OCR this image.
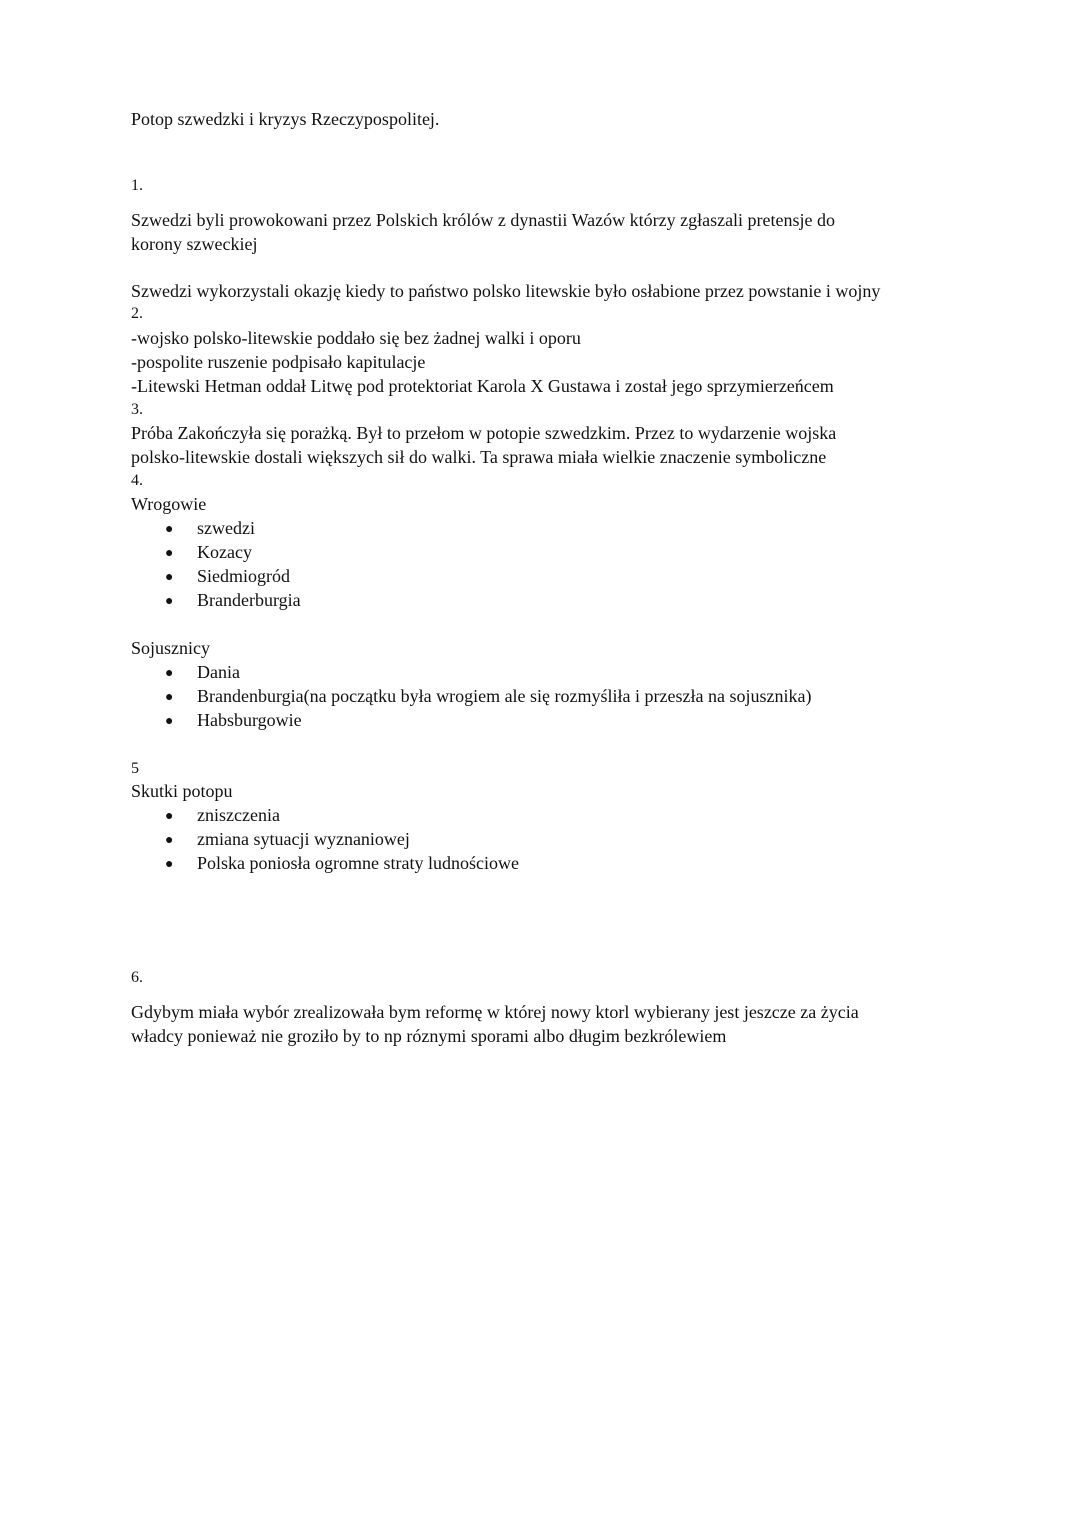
Potop szwedzki i kryzys Rzeczypospolitej.
1.
Szwedzi byli prowokowani przez Polskich królów z dynastii Wazów którzy zgłaszali pretensje do
korony szweckiej
Szwedzi wykorzystali okazję kiedy to państwo polsko litewskie było osłabione przez powstanie i wojny
2.
-wojsko polsko-litewskie poddało się bez żadnej walki i oporu
-pospolite ruszenie podpisało kapitulacje
-Litewski Hetman oddał Litwę pod protektoriat Karola X Gustawa i został jego sprzymierzeńcem
3.
Próba Zakończyła się porażką. Był to przełom w potopie szwedzkim. Przez to wydarzenie wojska
polsko-litewskie dostali większych sił do walki. Ta sprawa miała wielkie znaczenie symboliczne
4.
Wrogowie
● szwedzi
● Kozacy
● Siedmiogród
● Branderburgia
Sojusznicy
● Dania
● Brandenburgia(na początku była wrogiem ale się rozmyśliła i przeszła na sojusznika)
● Habsburgowie
5
Skutki potopu
● zniszczenia
● zmiana sytuacji wyznaniowej
● Polska poniosła ogromne straty ludnościowe
6.
Gdybym miała wybór zrealizowała bym reformę w której nowy ktorl wybierany jest jeszcze za życia
władcy ponieważ nie groziło by to np róznymi sporami albo długim bezkrólewiem
